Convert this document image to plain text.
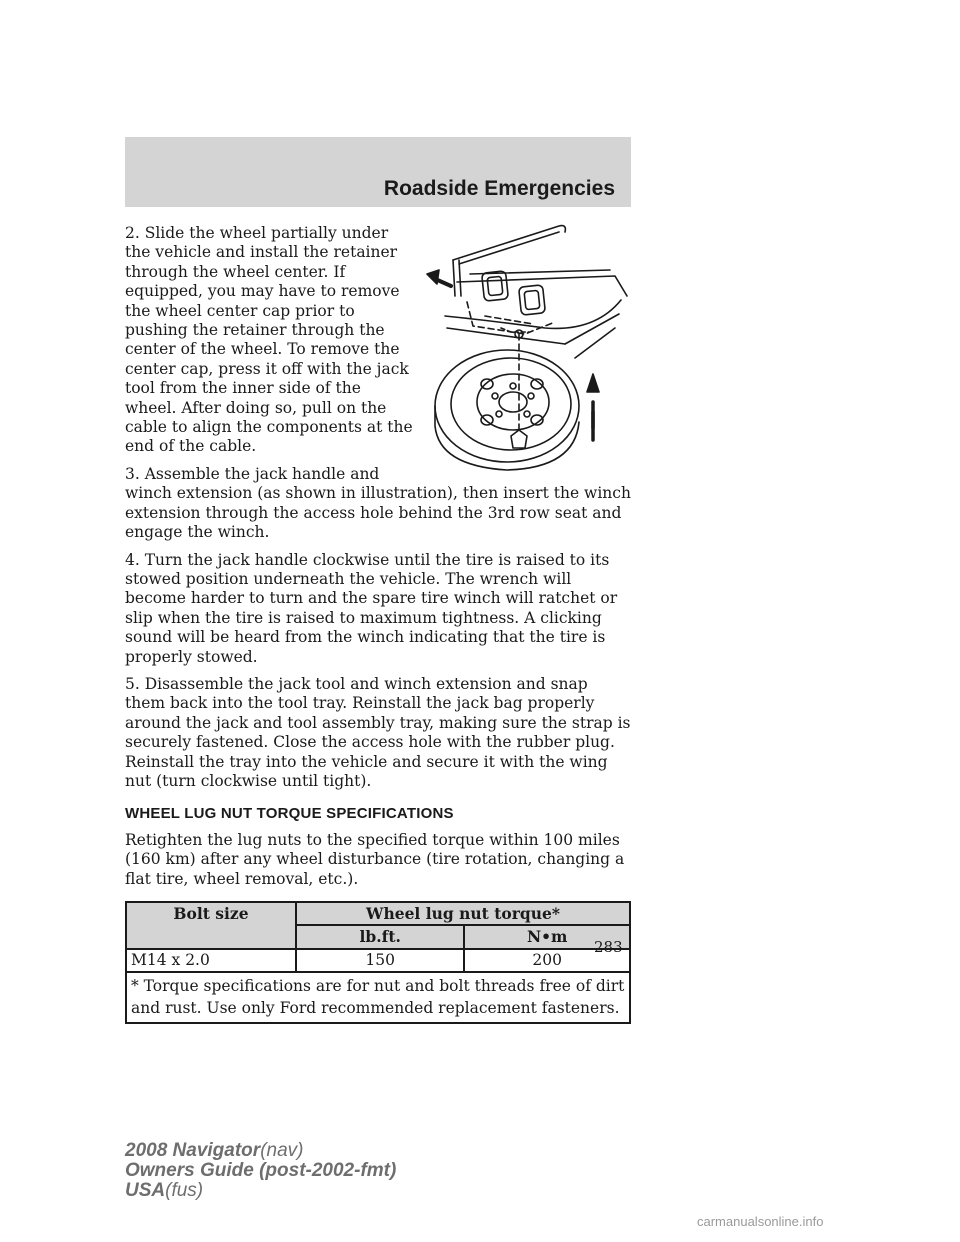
Roadside Emergencies

2. Slide the wheel partially under the vehicle and install the retainer through the wheel center. If equipped, you may have to remove the wheel center cap prior to pushing the retainer through the center of the wheel. To remove the center cap, press it off with the jack tool from the inner side of the wheel. After doing so, pull on the cable to align the components at the end of the cable.

3. Assemble the jack handle and winch extension (as shown in illustration), then insert the winch extension through the access hole behind the 3rd row seat and engage the winch.

4. Turn the jack handle clockwise until the tire is raised to its stowed position underneath the vehicle. The wrench will become harder to turn and the spare tire winch will ratchet or slip when the tire is raised to maximum tightness. A clicking sound will be heard from the winch indicating that the tire is properly stowed.

5. Disassemble the jack tool and winch extension and snap them back into the tool tray. Reinstall the jack bag properly around the jack and tool assembly tray, making sure the strap is securely fastened. Close the access hole with the rubber plug. Reinstall the tray into the vehicle and secure it with the wing nut (turn clockwise until tight).

WHEEL LUG NUT TORQUE SPECIFICATIONS

Retighten the lug nuts to the specified torque within 100 miles (160 km) after any wheel disturbance (tire rotation, changing a flat tire, wheel removal, etc.).

Bolt size	Wheel lug nut torque*	
	lb.ft.	N•m
M14 x 2.0	150	200
* Torque specifications are for nut and bolt threads free of dirt and rust. Use only Ford recommended replacement fasteners.		
283
2008 Navigator(nav)
Owners Guide (post-2002-fmt)
USA(fus)
carmanualsonline.info
